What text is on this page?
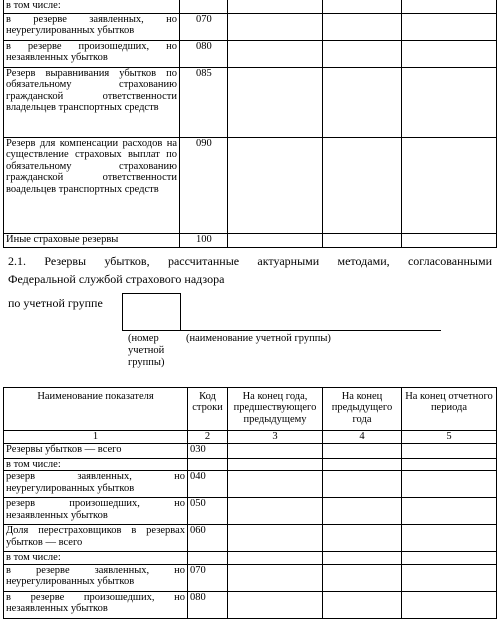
в том числе:				
в резерве заявленных, но неурегулированных убытков	070			
в резерве произошедших, но незаявленных убытков	080			
Резерв выравнивания убытков по обязательному страхованию гражданской ответственности владельцев транспортных средств	085			
Резерв для компенсации расходов на существление страховых выплат по обязательному страхованию гражданской ответственности воадельцев транспортных средств	090			
Иные страховые резервы	100			
2.1. Резервы убытков, рассчитанные актуарными методами, согласованными
Федеральной службой страхового надзора
по учетной группе
(номер учетной группы)
(наименование учетной группы)
Наименование показателя	Код строки	На конец года, предшествующего предыдущему	На конец предыдущего года	На конец отчетного периода
1	2	3	4	5
Резервы убытков — всего	030			
в том числе:				
резерв заявленных, но неурегулированных убытков	040			
резерв произошедших, но незаявленных убытков	050			
Доля перестраховщиков в резервах убытков — всего	060			
в том числе:				
в резерве заявленных, но неурегулированных убытков	070			
в резерве произошедших, но незаявленных убытков	080			
